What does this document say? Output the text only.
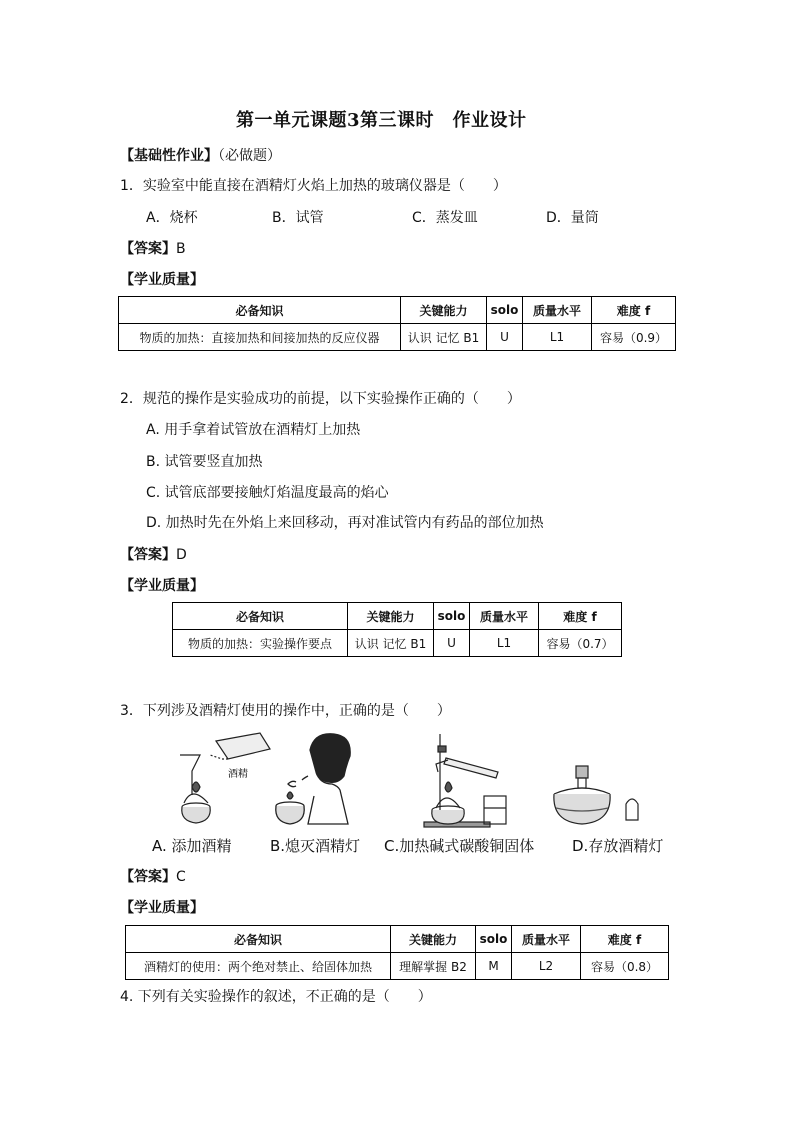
第一单元课题3第三课时　作业设计
【基础性作业】（必做题）
1．实验室中能直接在酒精灯火焰上加热的玻璃仪器是（　　）
A．烧杯	B．试管	C．蒸发皿	D．量筒
【答案】B
【学业质量】
必备知识	关键能力	solo	质量水平	难度 f
物质的加热：直接加热和间接加热的反应仪器	认识 记忆 B1	U	L1	容易（0.9）
2．规范的操作是实验成功的前提，以下实验操作正确的（　　）
A. 用手拿着试管放在酒精灯上加热
B. 试管要竖直加热
C. 试管底部要接触灯焰温度最高的焰心
D. 加热时先在外焰上来回移动，再对准试管内有药品的部位加热
【答案】D
【学业质量】
必备知识	关键能力	solo	质量水平	难度 f
物质的加热：实验操作要点	认识 记忆 B1	U	L1	容易（0.7）
3．下列涉及酒精灯使用的操作中，正确的是（　　）
酒精
A. 添加酒精	B.熄灭酒精灯 C.加热碱式碳酸铜固体	D.存放酒精灯
【答案】C
【学业质量】
必备知识	关键能力	solo	质量水平	难度 f
酒精灯的使用：两个绝对禁止、给固体加热	理解掌握 B2	M	L2	容易（0.8）
4. 下列有关实验操作的叙述，不正确的是（　　）
